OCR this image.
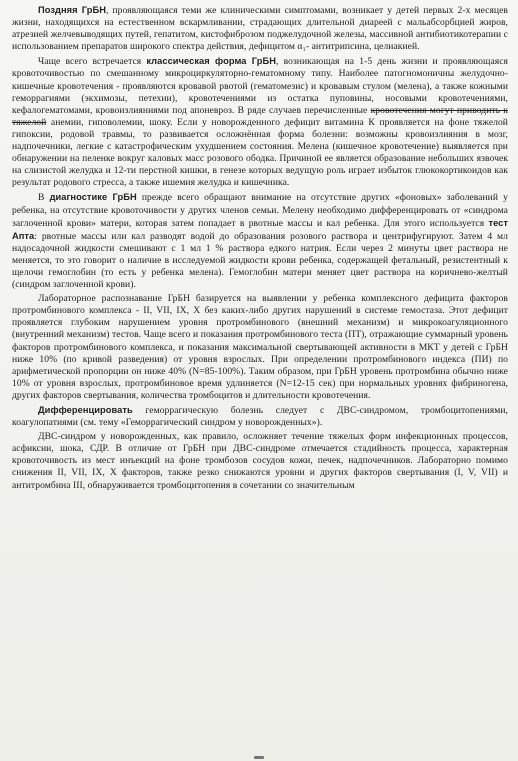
Поздняя ГрБН, проявляющаяся теми же клиническими симптомами, возникает у детей первых 2-х месяцев жизни, находящихся на естественном вскармливании, страдающих длительной диареей с мальабсорбцией жиров, атрезией желчевыводящих путей, гепатитом, кистофиброзом поджелудочной железы, массивной антибиотикотерапии с использованием препаратов широкого спектра действия, дефицитом α₁- антитрипсина, целиакией.

Чаще всего встречается классическая форма ГрБН, возникающая на 1-5 день жизни и проявляющаяся кровоточивостью по смешанному микроциркуляторно-гематомному типу. Наиболее патогномоничны желудочно-кишечные кровотечения - проявляются кровавой рвотой (гематомезис) и кровавым стулом (мелена), а также кожными геморрагиями (экхимозы, петехии), кровотечениями из остатка пуповины, носовыми кровотечениями, кефалогематомами, кровоизлияниями под апоневроз. В ряде случаев перечисленные кровотечения могут приводить к тяжелой анемии, гиповолемии, шоку. Если у новорожденного дефицит витамина К проявляется на фоне тяжелой гипоксии, родовой травмы, то развивается осложнённая форма болезни: возможны кровоизлияния в мозг, надпочечники, легкие с катастрофическим ухудшением состояния. Мелена (кишечное кровотечение) выявляется при обнаружении на пеленке вокруг каловых масс розового ободка. Причиной ее является образование небольших язвочек на слизистой желудка и 12-ти перстной кишки, в генезе которых ведущую роль играет избыток глюкокортикоидов как результат родового стресса, а также ишемия желудка и кишечника.

В диагностике ГрБН прежде всего обращают внимание на отсутствие других «фоновых» заболеваний у ребенка, на отсутствие кровоточивости у других членов семьи. Мелену необходимо дифференцировать от «синдрома заглоченной крови» матери, которая затем попадает в рвотные массы и кал ребенка. Для этого используется тест Апта: рвотные массы или кал разводят водой до образования розового раствора и центрифугируют. Затем 4 мл надосадочной жидкости смешивают с 1 мл 1 % раствора едкого натрия. Если через 2 минуты цвет раствора не меняется, то это говорит о наличие в исследуемой жидкости крови ребенка, содержащей фетальный, резистентный к щелочи гемоглобин (то есть у ребенка мелена). Гемоглобин матери меняет цвет раствора на коричнево-желтый (синдром заглоченной крови).

Лабораторное распознавание ГрБН базируется на выявлении у ребенка комплексного дефицита факторов протромбинового комплекса - II, VII, IX, X без каких-либо других нарушений в системе гемостаза. Этот дефицит проявляется глубоким нарушением уровня протромбинового (внешний механизм) и микрокоагуляционного (внутренний механизм) тестов. Чаще всего и показания протромбинового теста (ПТ), отражающие суммарный уровень факторов протромбинового комплекса, и показания максимальной свертывающей активности в МКТ у детей с ГрБН ниже 10% (по кривой разведения) от уровня взрослых. При определении протромбинового индекса (ПИ) по арифметической пропорции он ниже 40% (N=85-100%). Таким образом, при ГрБН уровень протромбина обычно ниже 10% от уровня взрослых, протромбиновое время удлиняется (N=12-15 сек) при нормальных уровнях фибриногена, других факторов свертывания, количества тромбоцитов и длительности кровотечения.

Дифференцировать геморрагическую болезнь следует с ДВС-синдромом, тромбоцитопениями, коагулопатиями (см. тему «Геморрагический синдром у новорожденных»).

ДВС-синдром у новорожденных, как правило, осложняет течение тяжелых форм инфекционных процессов, асфиксии, шока, СДР. В отличие от ГрБН при ДВС-синдроме отмечается стадийность процесса, характерная кровоточивость из мест инъекций на фоне тромбозов сосудов кожи, печек, надпочечников. Лабораторно помимо снижения II, VII, IX, X факторов, также резко снижаются уровни и других факторов свертывания (I, V, VII) и антитромбина III, обнаруживается тромбоцитопения в сочетании со значительным
